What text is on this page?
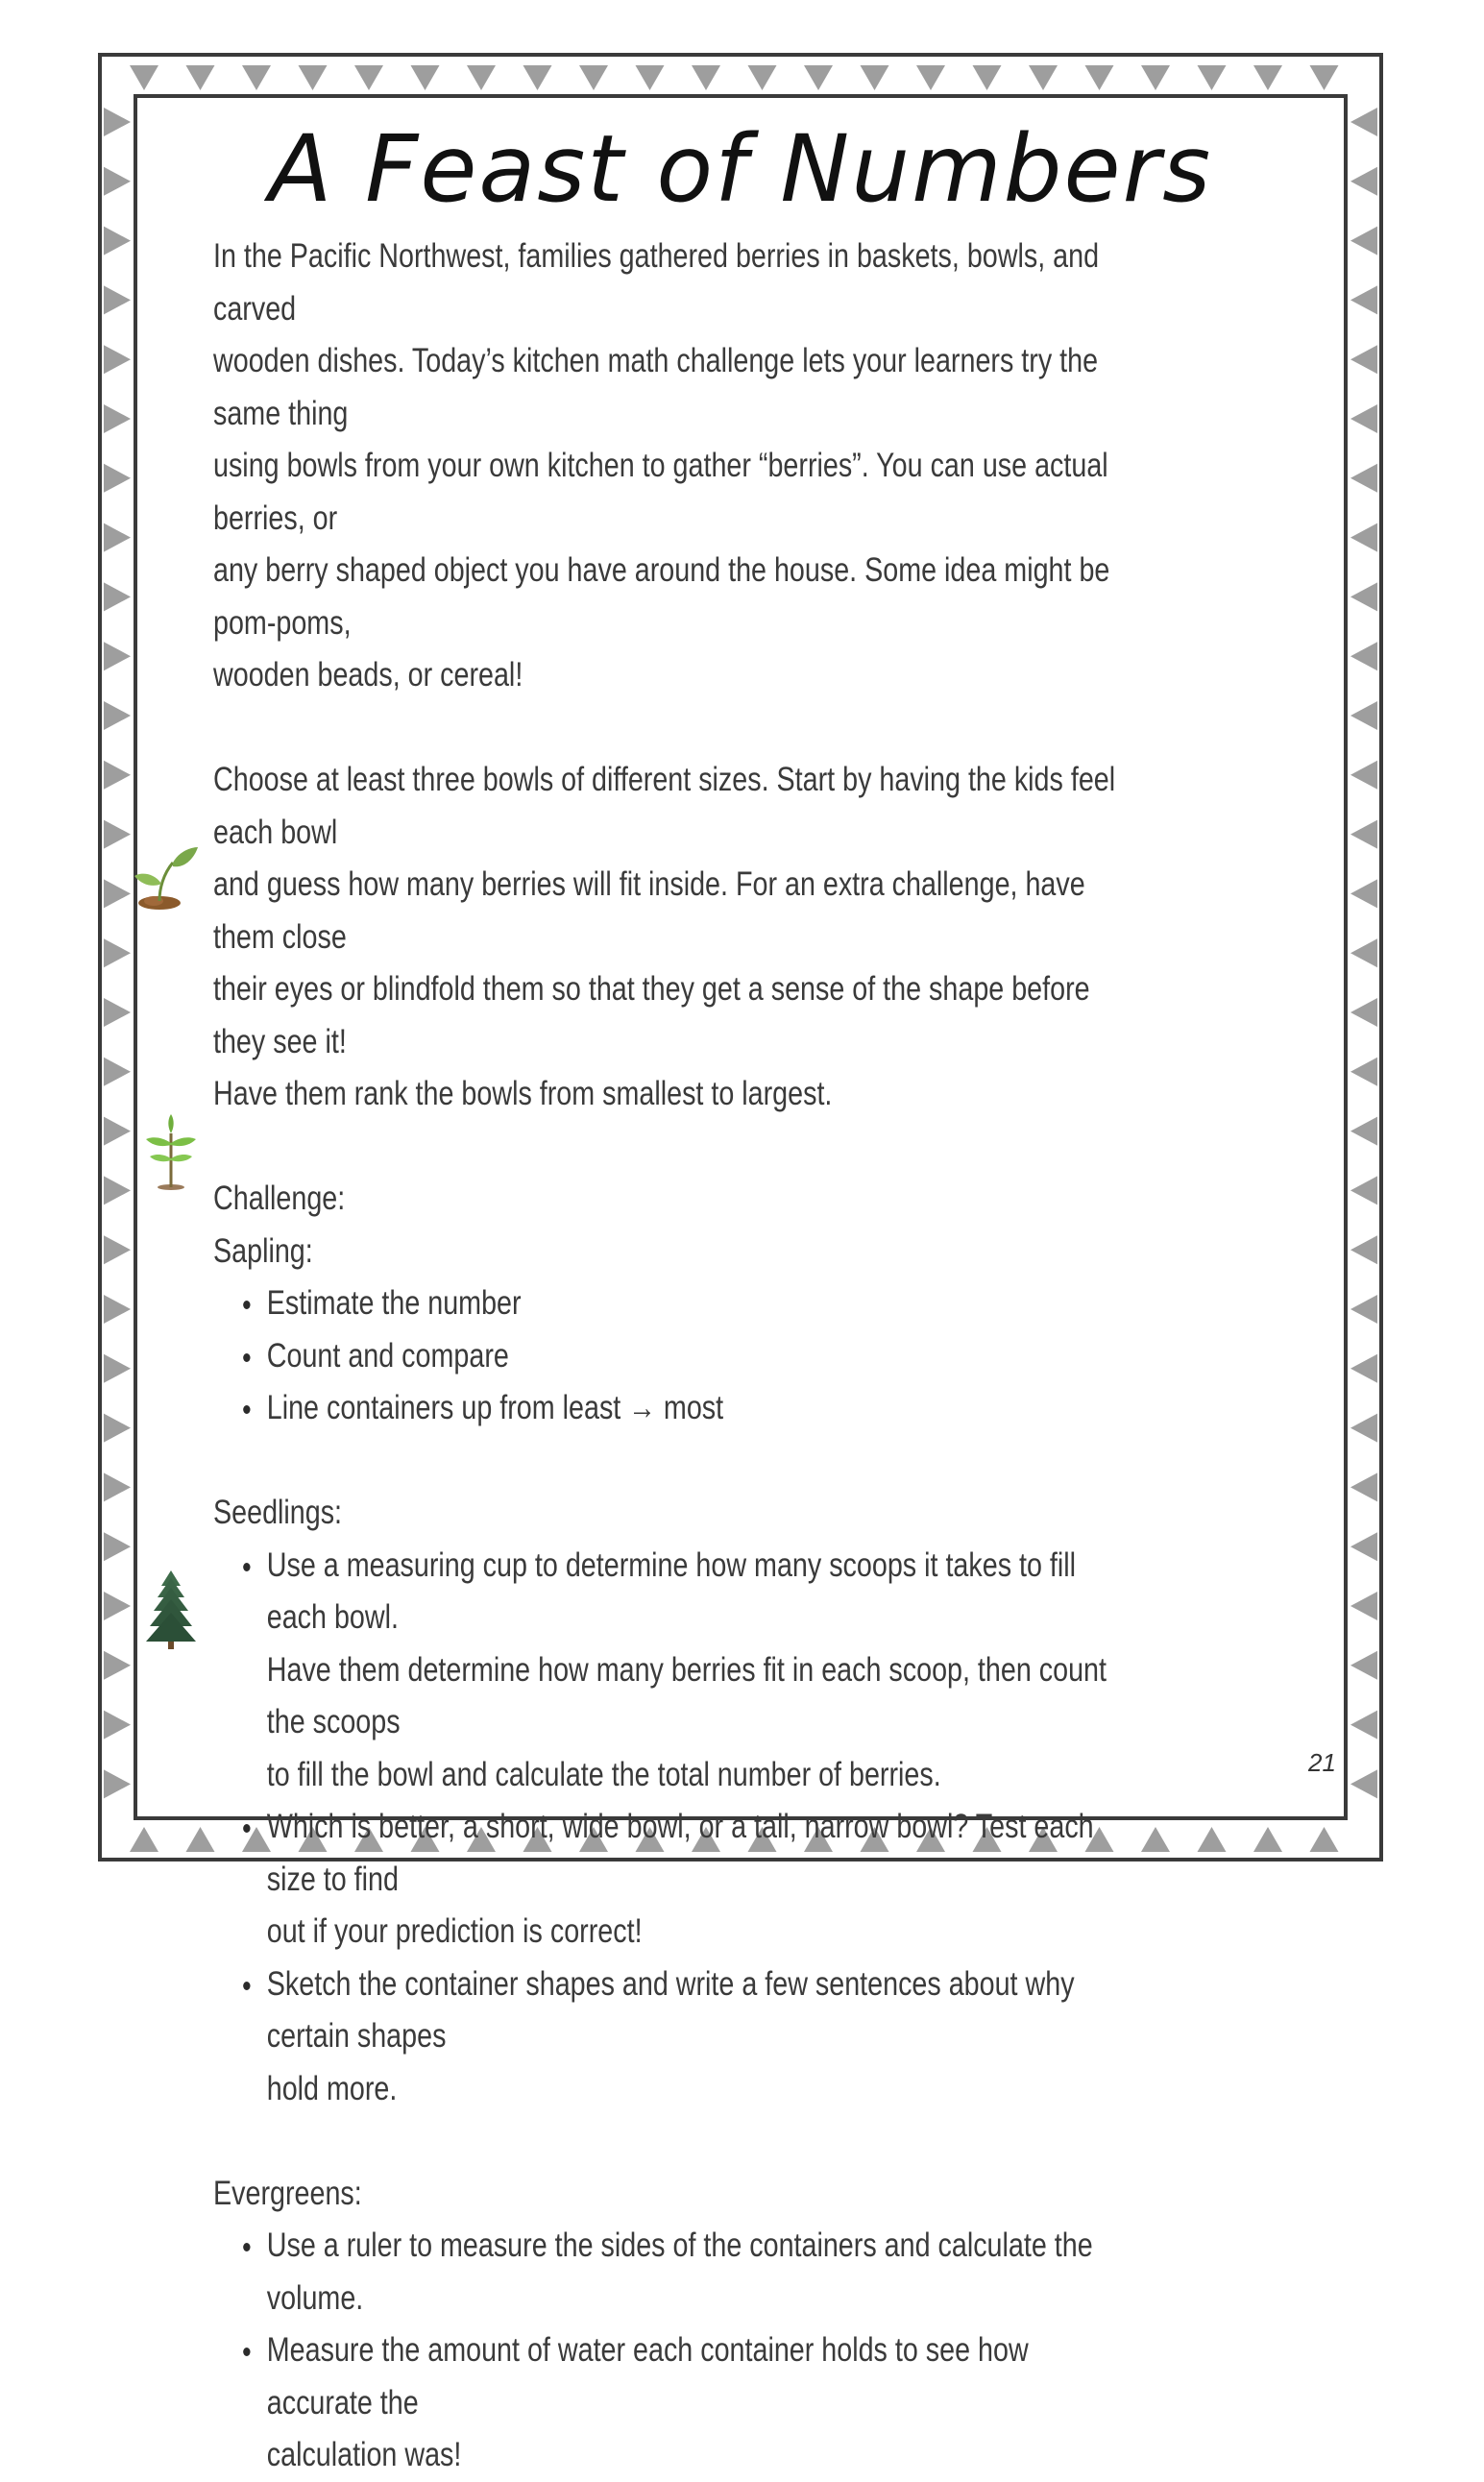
A Feast of Numbers

In the Pacific Northwest, families gathered berries in baskets, bowls, and carved

wooden dishes. Today’s kitchen math challenge lets your learners try the same thing

using bowls from your own kitchen to gather “berries”. You can use actual berries, or

any berry shaped object you have around the house. Some idea might be pom-poms,

wooden beads, or cereal!

Choose at least three bowls of different sizes. Start by having the kids feel each bowl

and guess how many berries will fit inside. For an extra challenge, have them close

their eyes or blindfold them so that they get a sense of the shape before they see it!

Have them rank the bowls from smallest to largest.

Challenge:

Sapling:

Estimate the number
Count and compare
Line containers up from least → most

Seedlings:

Use a measuring cup to determine how many scoops it takes to fill each bowl.
Have them determine how many berries fit in each scoop, then count the scoops
to fill the bowl and calculate the total number of berries.
Which is better, a short, wide bowl, or a tall, narrow bowl? Test each size to find
out if your prediction is correct!
Sketch the container shapes and write a few sentences about why certain shapes
hold more.

Evergreens:

Use a ruler to measure the sides of the containers and calculate the volume.
Measure the amount of water each container holds to see how accurate the
calculation was!
21
